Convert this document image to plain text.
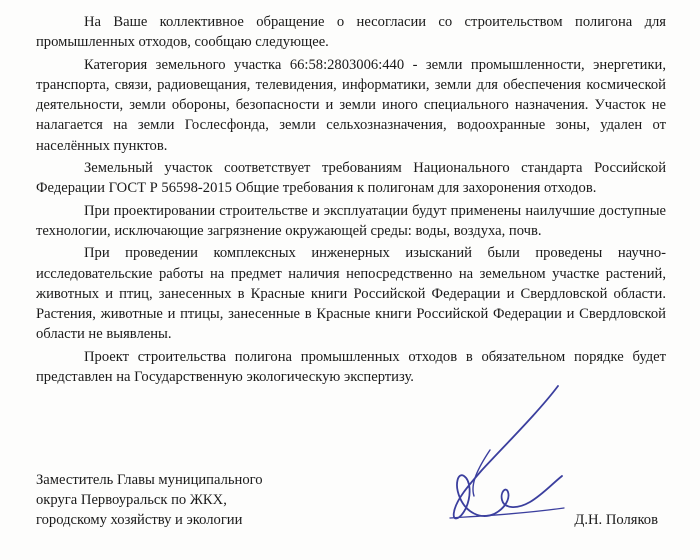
На Ваше коллективное обращение о несогласии со строительством полигона для промышленных отходов, сообщаю следующее.

Категория земельного участка 66:58:2803006:440 - земли промышленности, энергетики, транспорта, связи, радиовещания, телевидения, информатики, земли для обеспечения космической деятельности, земли обороны, безопасности и земли иного специального назначения. Участок не налагается на земли Гослесфонда, земли сельхозназначения, водоохранные зоны, удален от населённых пунктов.

Земельный участок соответствует требованиям Национального стандарта Российской Федерации ГОСТ Р 56598-2015 Общие требования к полигонам для захоронения отходов.

При проектировании строительстве и эксплуатации будут применены наилучшие доступные технологии, исключающие загрязнение окружающей среды: воды, воздуха, почв.

При проведении комплексных инженерных изысканий были проведены научно-исследовательские работы на предмет наличия непосредственно на земельном участке растений, животных и птиц, занесенных в Красные книги Российской Федерации и Свердловской области. Растения, животные и птицы, занесенные в Красные книги Российской Федерации и Свердловской области не выявлены.

Проект строительства полигона промышленных отходов в обязательном порядке будет представлен на Государственную экологическую экспертизу.

Заместитель Главы муниципального
округа Первоуральск по ЖКХ,
городскому хозяйству и экологии	Д.Н. Поляков
